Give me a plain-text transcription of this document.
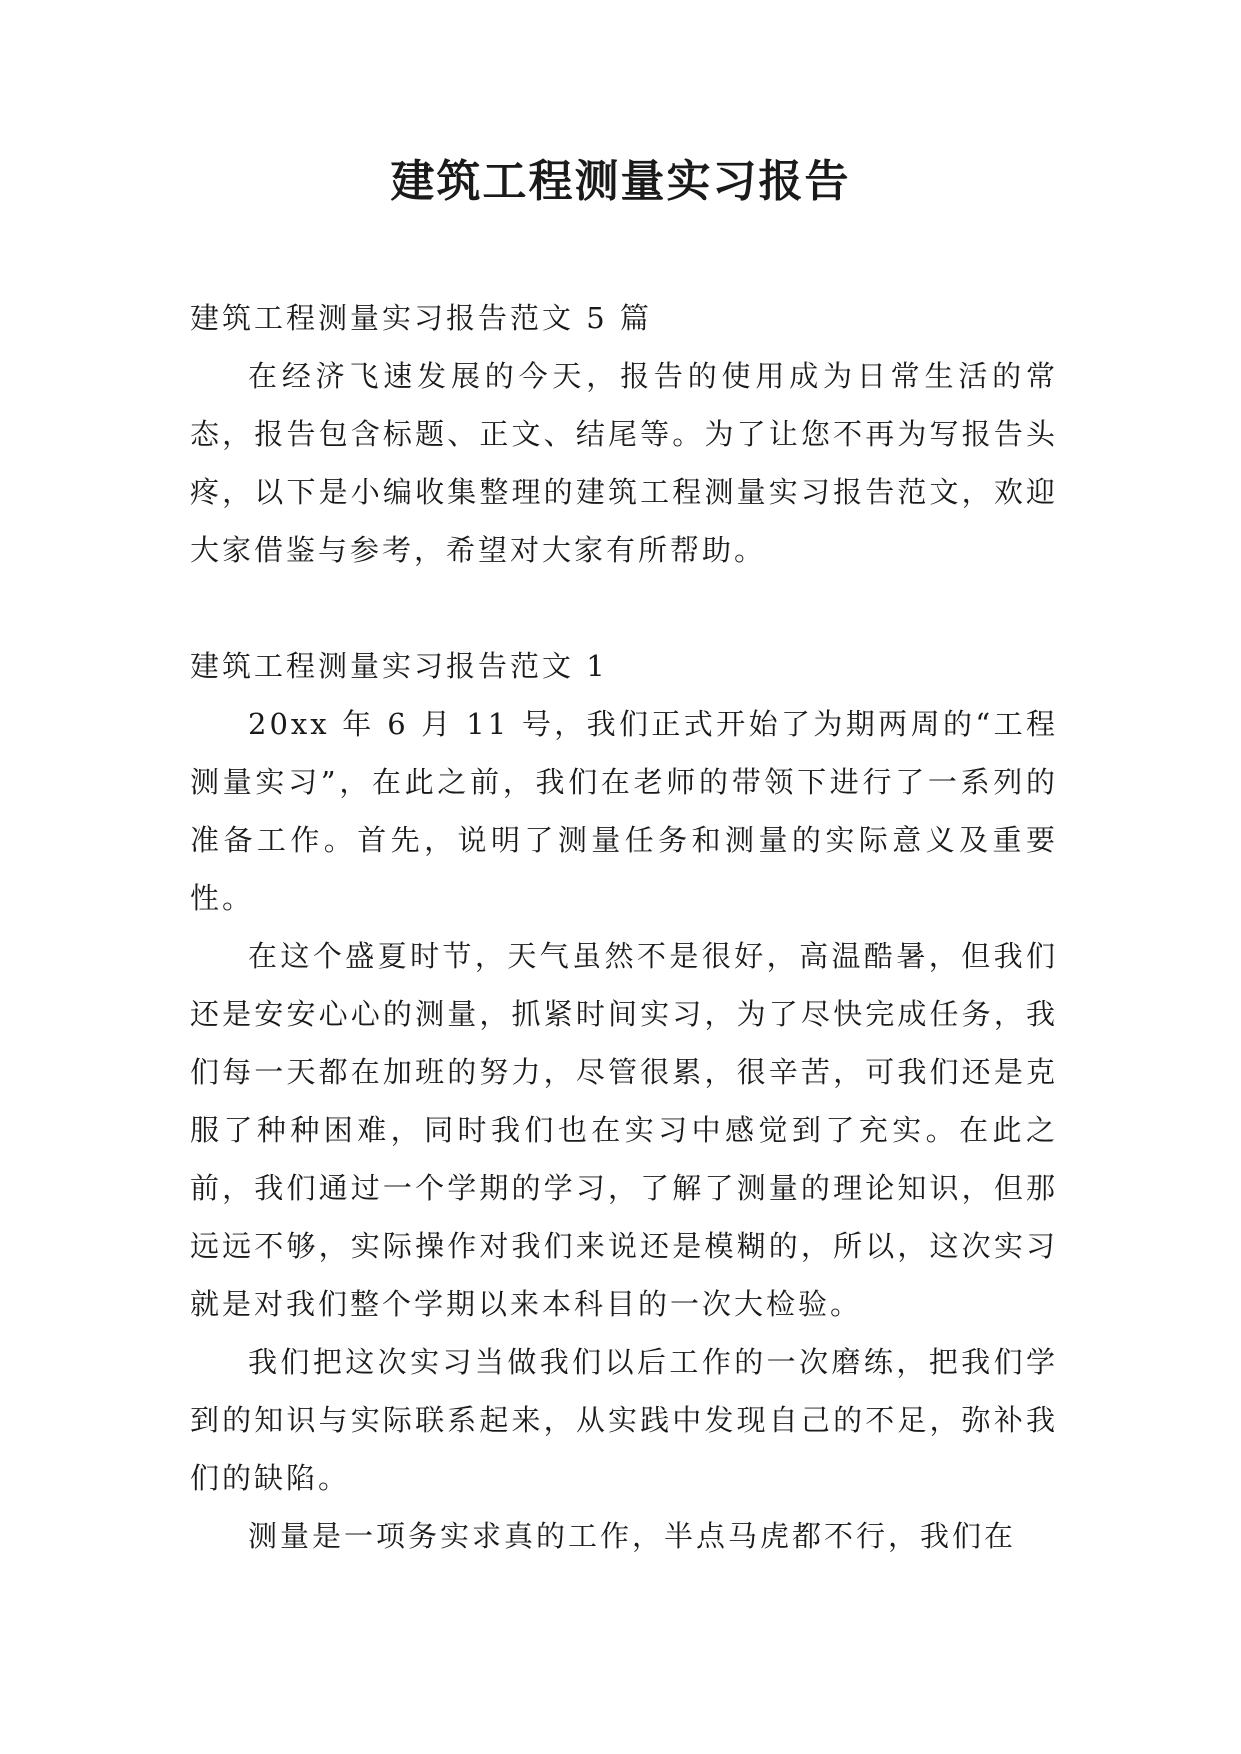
建筑工程测量实习报告

建筑工程测量实习报告范文 5 篇

在经济飞速发展的今天，报告的使用成为日常生活的常态，报告包含标题、正文、结尾等。为了让您不再为写报告头疼，以下是小编收集整理的建筑工程测量实习报告范文，欢迎大家借鉴与参考，希望对大家有所帮助。

建筑工程测量实习报告范文 1

20xx 年 6 月 11 号，我们正式开始了为期两周的“工程测量实习”，在此之前，我们在老师的带领下进行了一系列的准备工作。首先，说明了测量任务和测量的实际意义及重要性。

在这个盛夏时节，天气虽然不是很好，高温酷暑，但我们还是安安心心的测量，抓紧时间实习，为了尽快完成任务，我们每一天都在加班的努力，尽管很累，很辛苦，可我们还是克服了种种困难，同时我们也在实习中感觉到了充实。在此之前，我们通过一个学期的学习，了解了测量的理论知识，但那远远不够，实际操作对我们来说还是模糊的，所以，这次实习就是对我们整个学期以来本科目的一次大检验。

我们把这次实习当做我们以后工作的一次磨练，把我们学到的知识与实际联系起来，从实践中发现自己的不足，弥补我们的缺陷。

测量是一项务实求真的工作，半点马虎都不行，我们在
